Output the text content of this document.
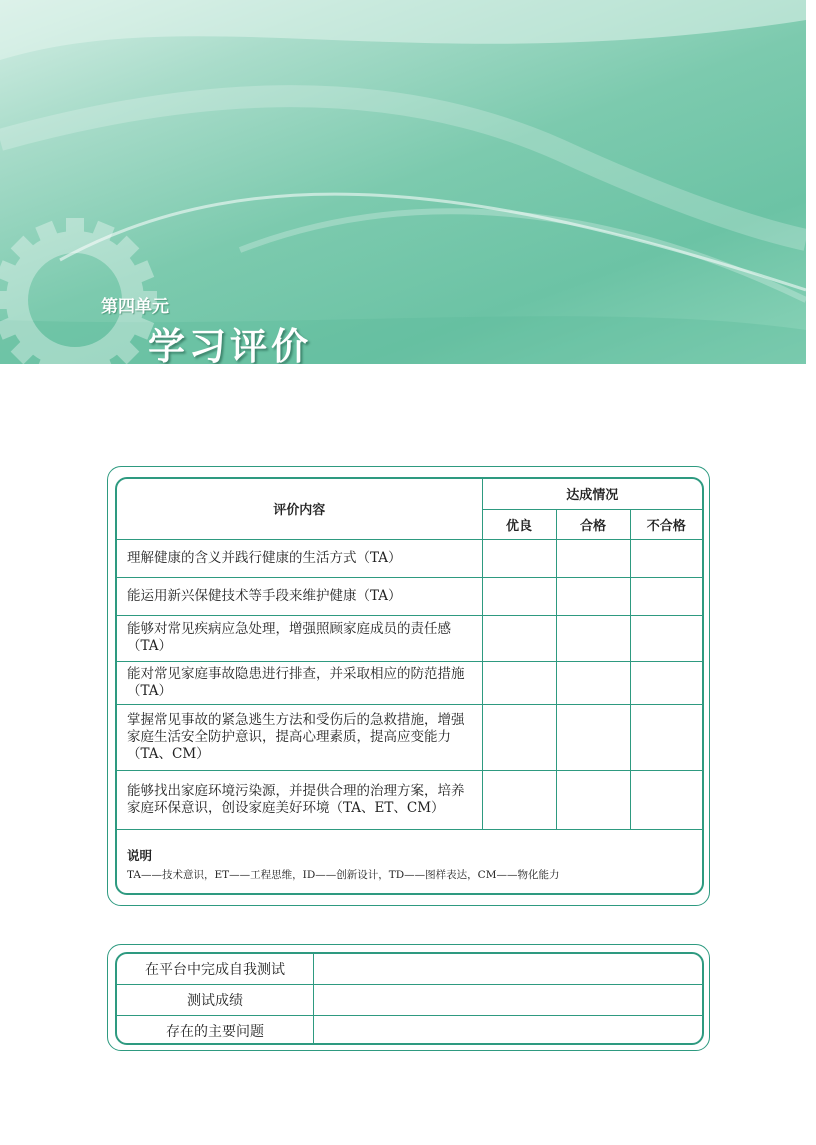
第四单元
学习评价
评价内容	达成情况		
	优良	合格	不合格
理解健康的含义并践行健康的生活方式（TA）			
能运用新兴保健技术等手段来维护健康（TA）			
能够对常见疾病应急处理，增强照顾家庭成员的责任感（TA）			
能对常见家庭事故隐患进行排查，并采取相应的防范措施（TA）			
掌握常见事故的紧急逃生方法和受伤后的急救措施，增强家庭生活安全防护意识，提高心理素质，提高应变能力（TA、CM）			
能够找出家庭环境污染源，并提供合理的治理方案，培养家庭环保意识，创设家庭美好环境（TA、ET、CM）			

说明
TA——技术意识，ET——工程思维，ID——创新设计，TD——图样表达，CM——物化能力			
在平台中完成自我测试	
测试成绩	
存在的主要问题	
